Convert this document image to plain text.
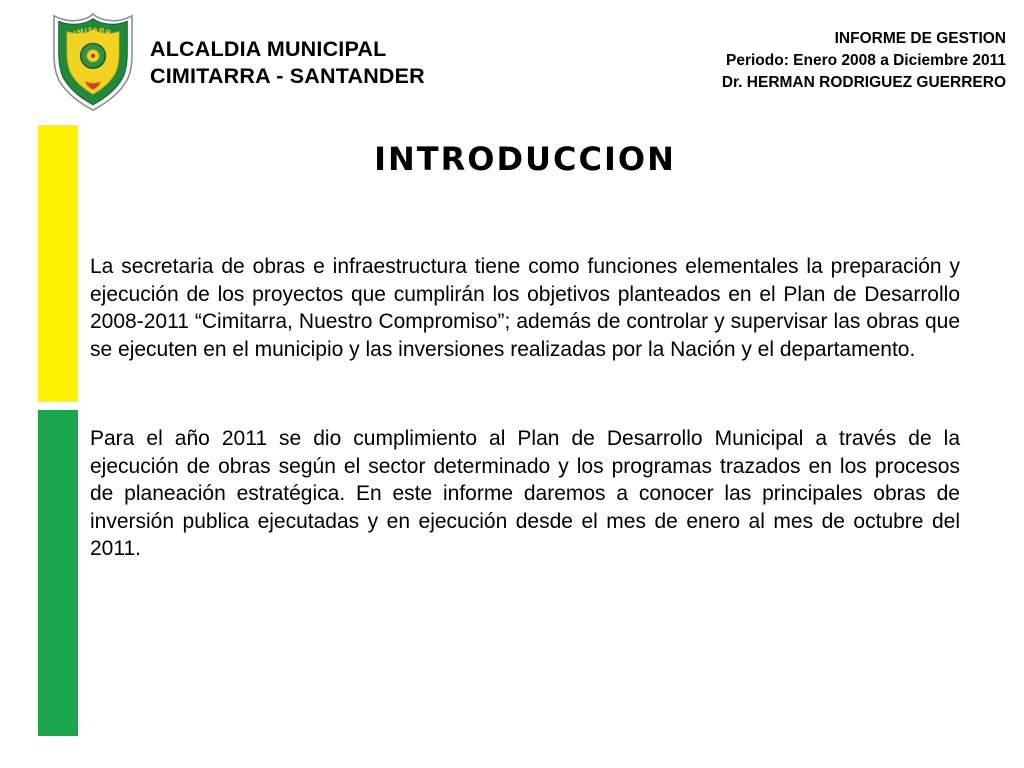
CIMITARRA
SANTANDER
ALCALDIA MUNICIPAL
CIMITARRA - SANTANDER
INFORME DE GESTION
Periodo: Enero 2008 a Diciembre 2011
Dr. HERMAN RODRIGUEZ GUERRERO
INTRODUCCION

La secretaria de obras e infraestructura tiene como funciones elementales la preparación y ejecución de los proyectos que cumplirán los objetivos planteados en el Plan de Desarrollo 2008-2011 “Cimitarra, Nuestro Compromiso”; además de controlar y supervisar las obras que se ejecuten en el municipio y las inversiones realizadas por la Nación y el departamento.

Para el año 2011 se dio cumplimiento al Plan de Desarrollo Municipal a través de la ejecución de obras según el sector determinado y los programas trazados en los procesos de planeación estratégica. En este informe daremos a conocer las principales obras de inversión publica ejecutadas y en ejecución desde el mes de enero al mes de octubre del 2011.
